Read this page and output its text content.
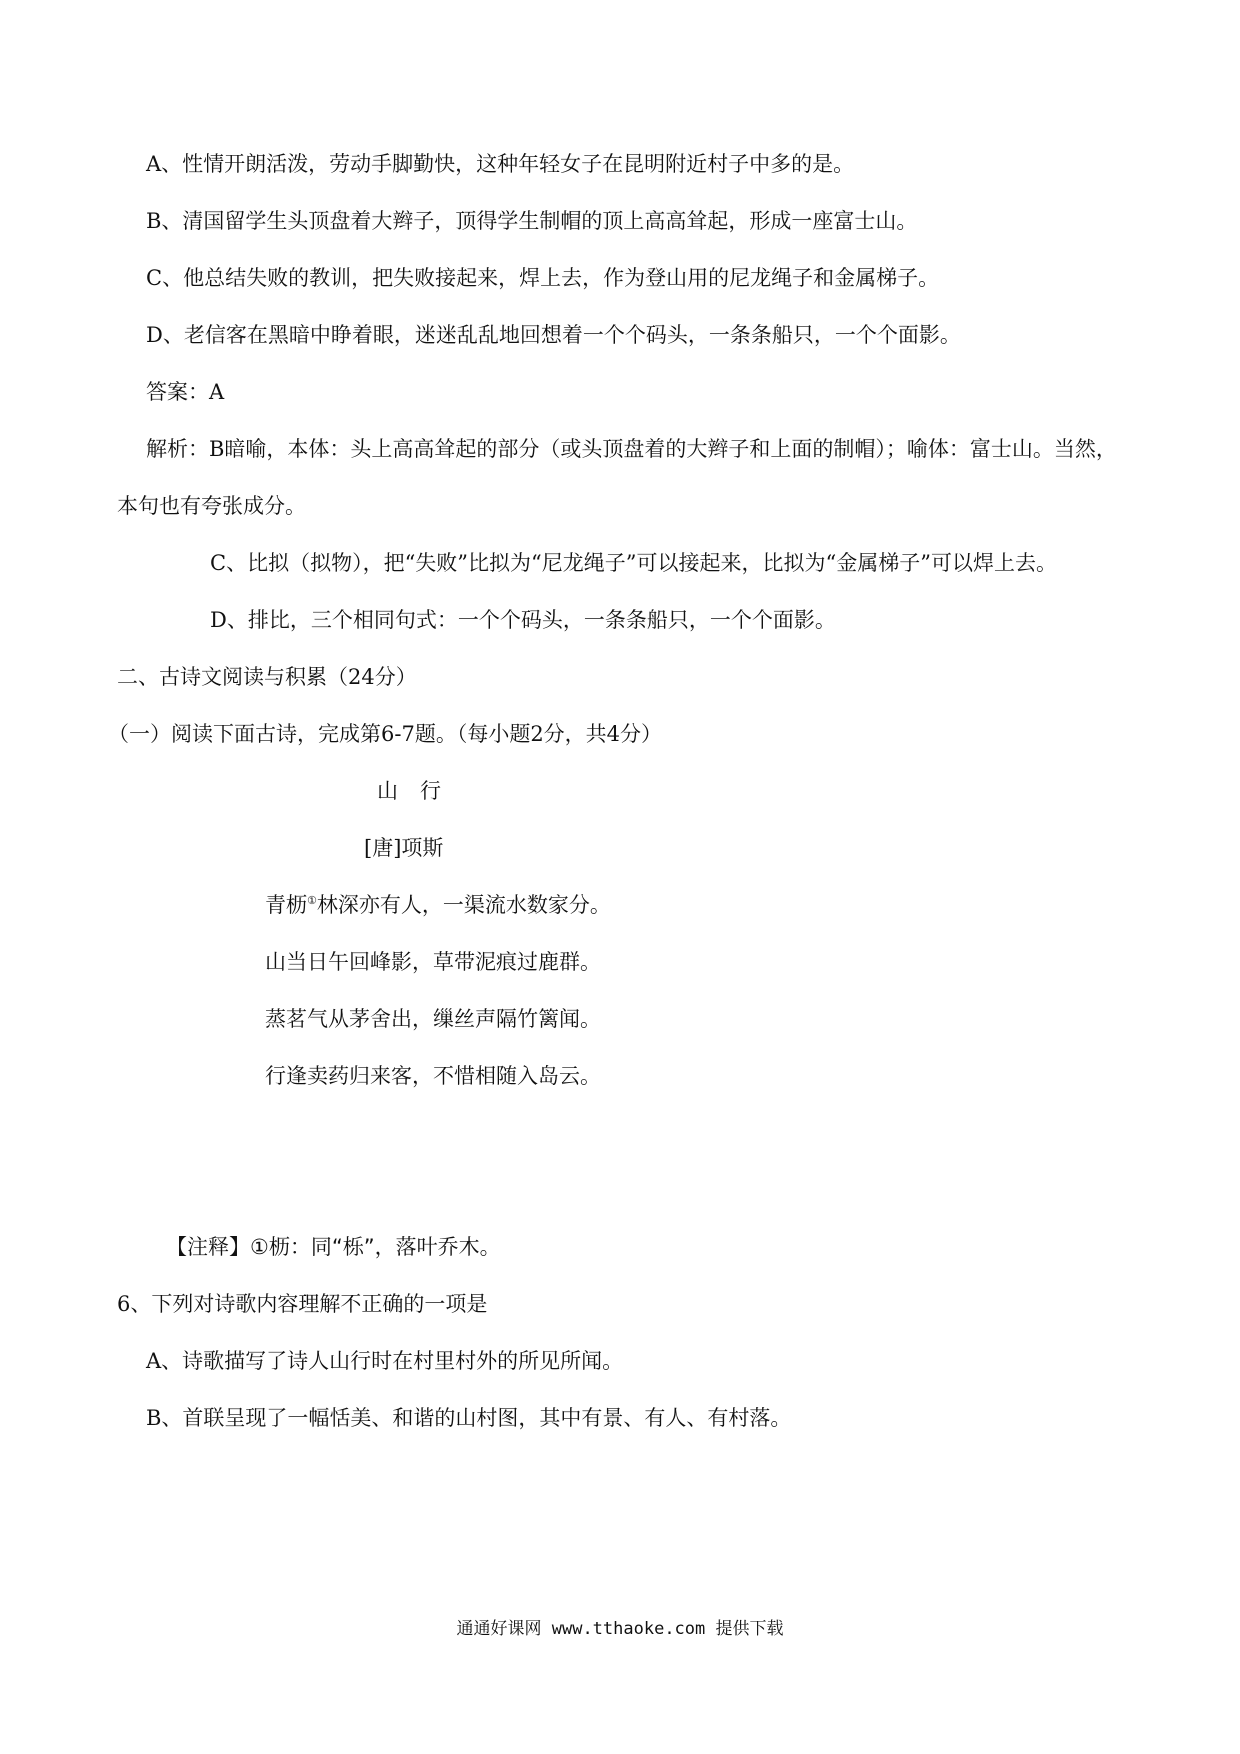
A、性情开朗活泼，劳动手脚勤快，这种年轻女子在昆明附近村子中多的是。
B、清国留学生头顶盘着大辫子，顶得学生制帽的顶上高高耸起，形成一座富士山。
C、他总结失败的教训，把失败接起来，焊上去，作为登山用的尼龙绳子和金属梯子。
D、老信客在黑暗中睁着眼，迷迷乱乱地回想着一个个码头，一条条船只，一个个面影。
答案：A
解析：B暗喻，本体：头上高高耸起的部分（或头顶盘着的大辫子和上面的制帽）；喻体：富士山。当然，
本句也有夸张成分。
C、比拟（拟物），把“失败”比拟为“尼龙绳子”可以接起来，比拟为“金属梯子”可以焊上去。
D、排比，三个相同句式：一个个码头，一条条船只，一个个面影。
二、古诗文阅读与积累（24分）
（一）阅读下面古诗，完成第6-7题。（每小题2分，共4分）
山行
[唐]项斯
青枥①林深亦有人，一渠流水数家分。
山当日午回峰影，草带泥痕过鹿群。
蒸茗气从茅舍出，缫丝声隔竹篱闻。
行逢卖药归来客，不惜相随入岛云。
【注释】①枥：同“栎”，落叶乔木。
6、下列对诗歌内容理解不正确的一项是
A、诗歌描写了诗人山行时在村里村外的所见所闻。
B、首联呈现了一幅恬美、和谐的山村图，其中有景、有人、有村落。
通通好课网 www.tthaoke.com 提供下载
